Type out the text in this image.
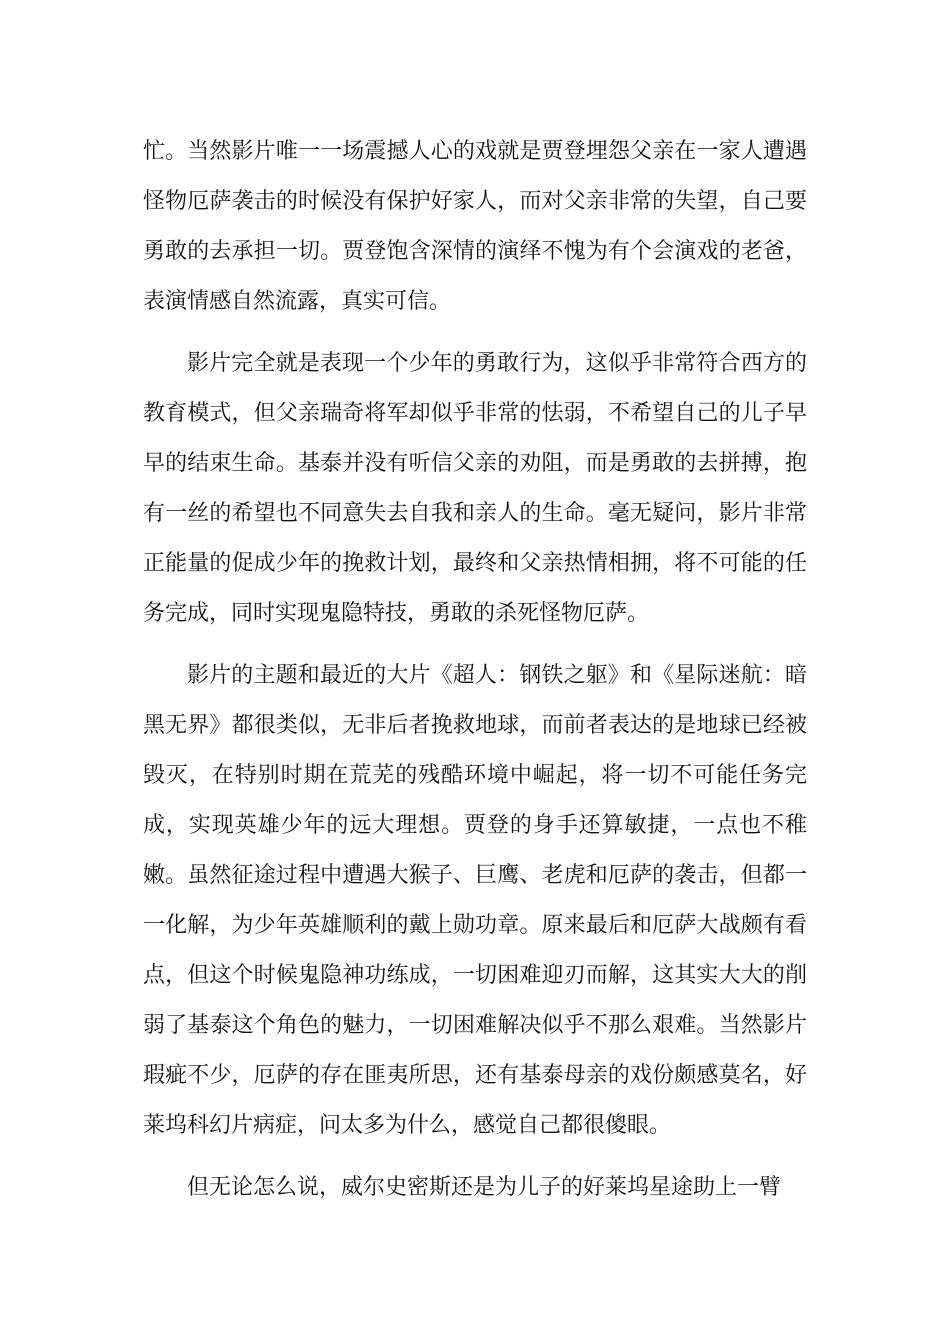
忙。当然影片唯一一场震撼人心的戏就是贾登埋怨父亲在一家人遭遇怪物厄萨袭击的时候没有保护好家人，而对父亲非常的失望，自己要勇敢的去承担一切。贾登饱含深情的演绎不愧为有个会演戏的老爸，表演情感自然流露，真实可信。

影片完全就是表现一个少年的勇敢行为，这似乎非常符合西方的教育模式，但父亲瑞奇将军却似乎非常的怯弱，不希望自己的儿子早早的结束生命。基泰并没有听信父亲的劝阻，而是勇敢的去拼搏，抱有一丝的希望也不同意失去自我和亲人的生命。毫无疑问，影片非常正能量的促成少年的挽救计划，最终和父亲热情相拥，将不可能的任务完成，同时实现鬼隐特技，勇敢的杀死怪物厄萨。

影片的主题和最近的大片《超人：钢铁之躯》和《星际迷航：暗黑无界》都很类似，无非后者挽救地球，而前者表达的是地球已经被毁灭，在特别时期在荒芜的残酷环境中崛起，将一切不可能任务完成，实现英雄少年的远大理想。贾登的身手还算敏捷，一点也不稚嫩。虽然征途过程中遭遇大猴子、巨鹰、老虎和厄萨的袭击，但都一一化解，为少年英雄顺利的戴上勋功章。原来最后和厄萨大战颇有看点，但这个时候鬼隐神功练成，一切困难迎刃而解，这其实大大的削弱了基泰这个角色的魅力，一切困难解决似乎不那么艰难。当然影片瑕疵不少，厄萨的存在匪夷所思，还有基泰母亲的戏份颇感莫名，好莱坞科幻片病症，问太多为什么，感觉自己都很傻眼。

但无论怎么说，威尔史密斯还是为儿子的好莱坞星途助上一臂
